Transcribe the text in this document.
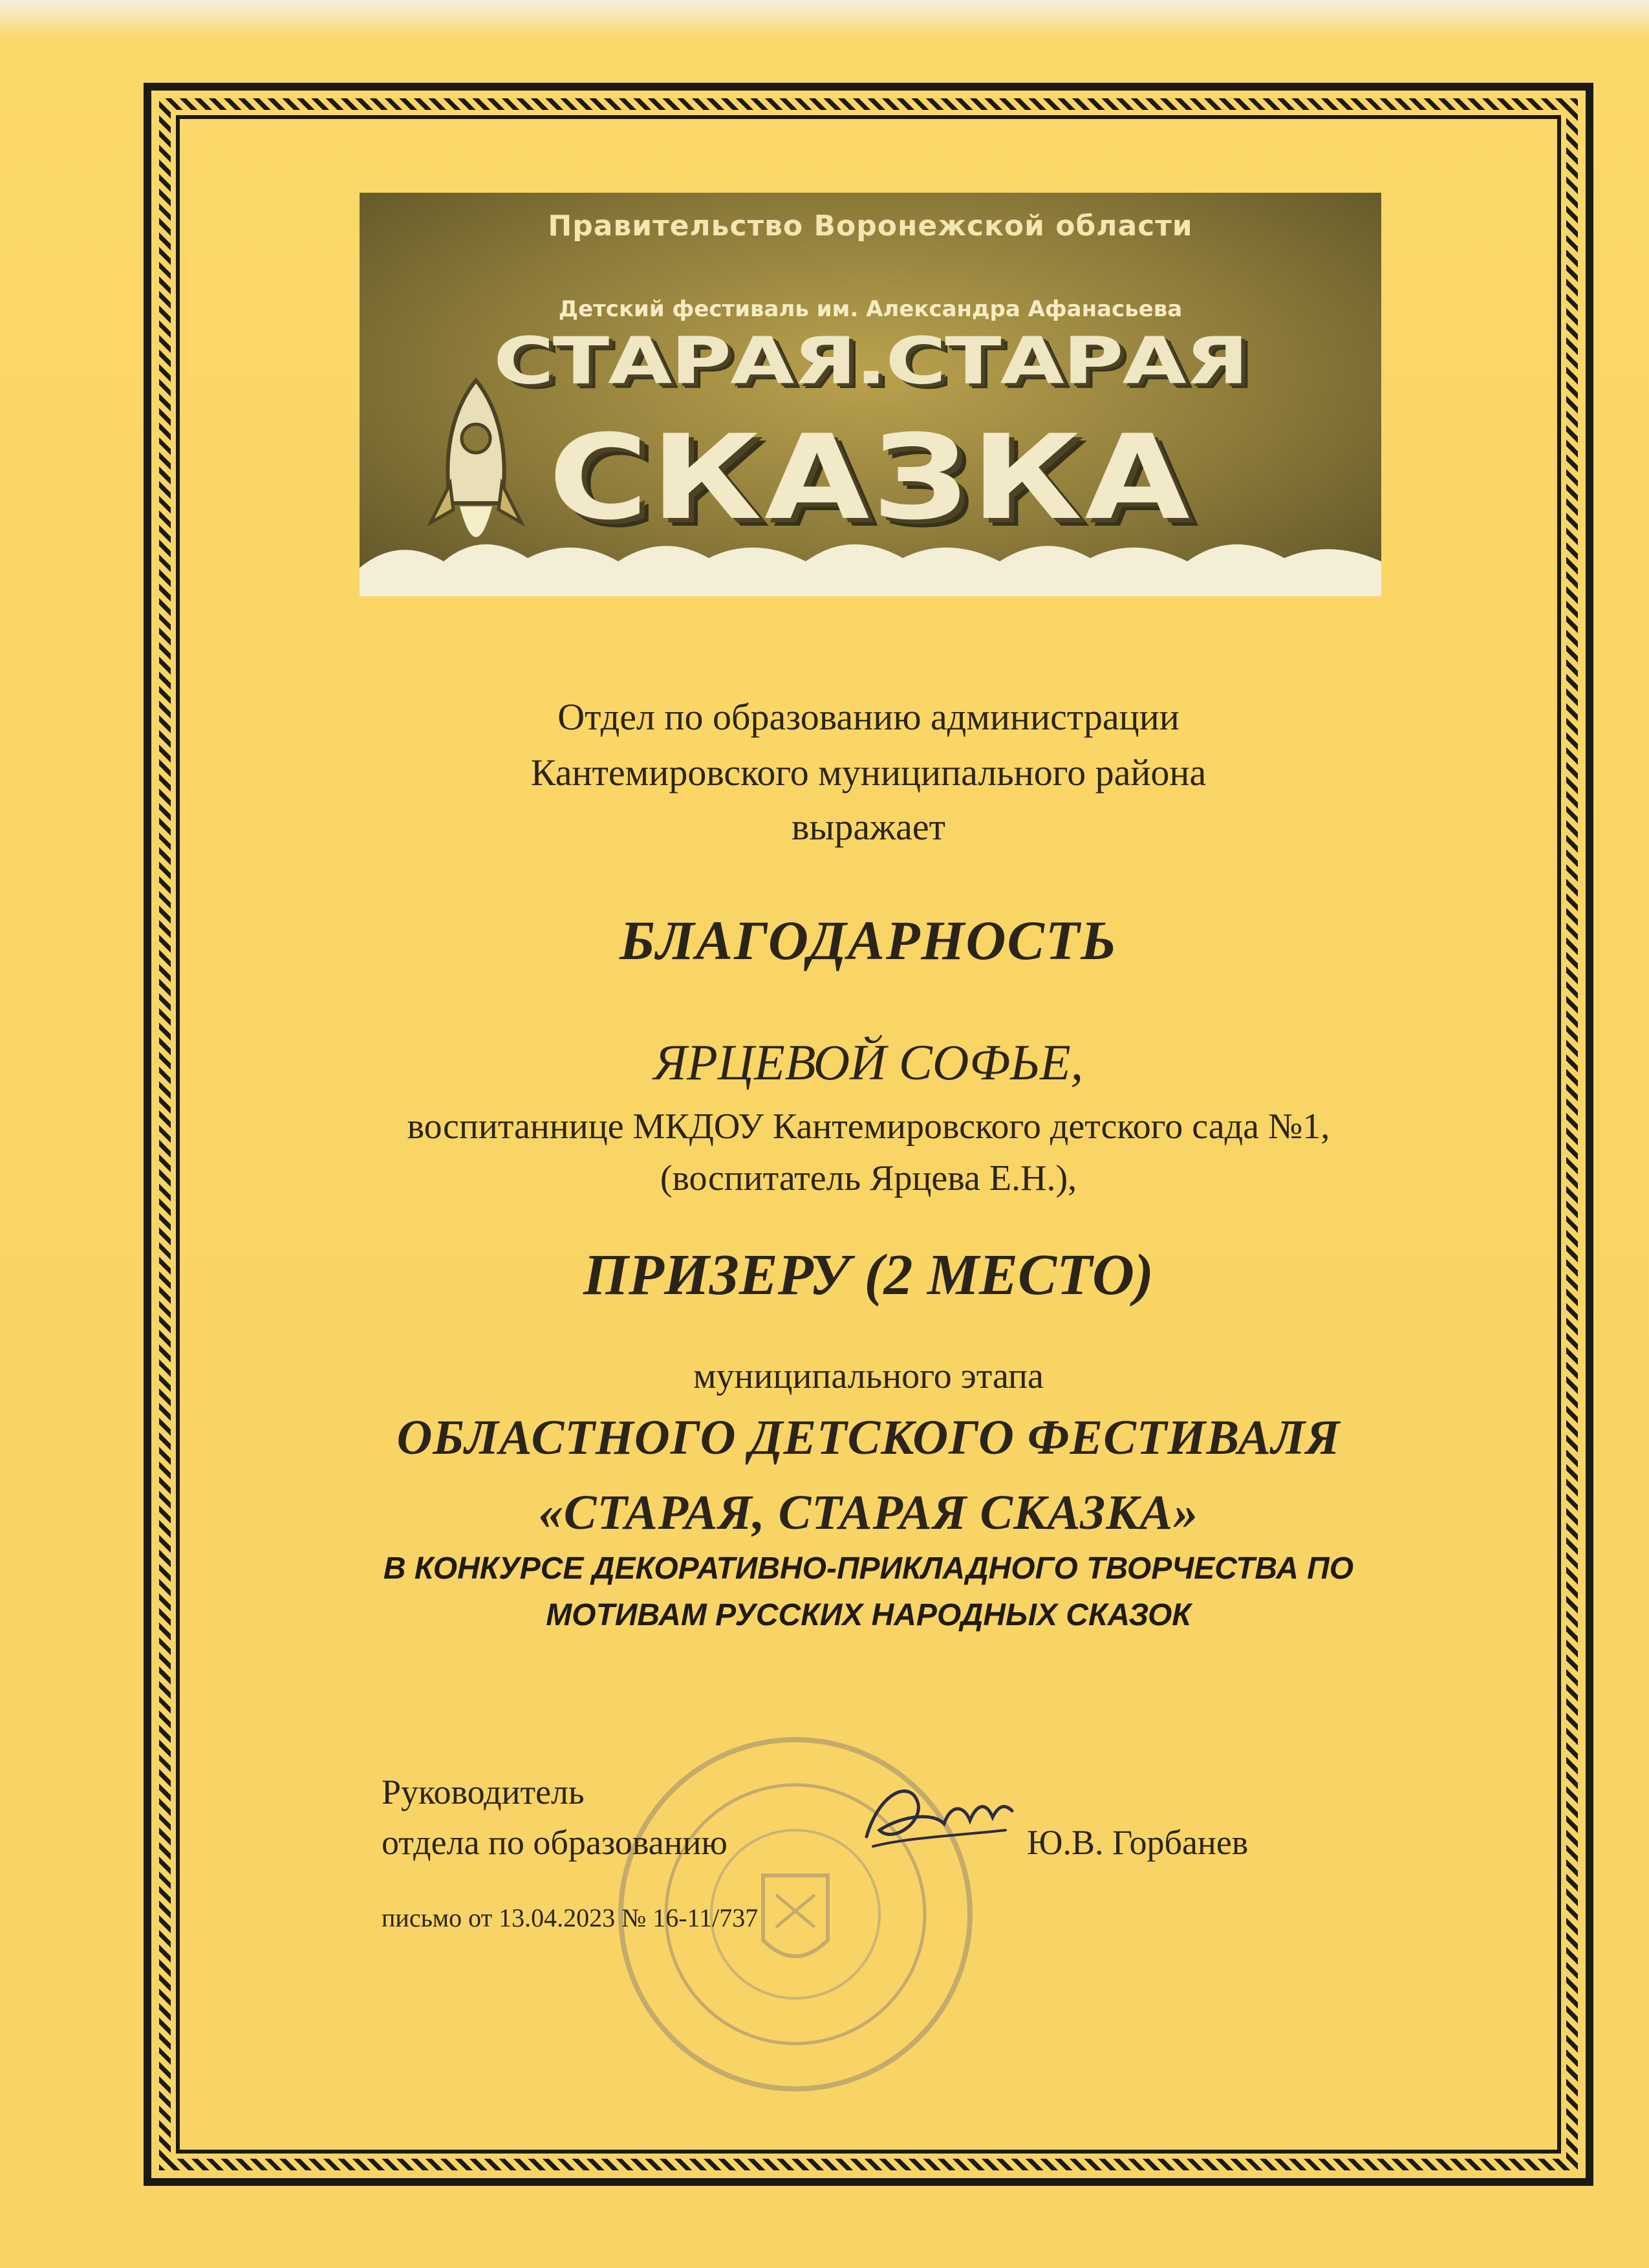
Правительство Воронежской области
Детский фестиваль им. Александра Афанасьева
СТАРАЯ.СТАРАЯ
СКАЗКА
Отдел по образованию администрации
Кантемировского муниципального района
выражает
БЛАГОДАРНОСТЬ
ЯРЦЕВОЙ СОФЬЕ,
воспитаннице МКДОУ Кантемировского детского сада №1,
(воспитатель Ярцева Е.Н.),
ПРИЗЕРУ (2 МЕСТО)
муниципального этапа
ОБЛАСТНОГО ДЕТСКОГО ФЕСТИВАЛЯ
«СТАРАЯ, СТАРАЯ СКАЗКА»
В КОНКУРСЕ ДЕКОРАТИВНО-ПРИКЛАДНОГО ТВОРЧЕСТВА ПО
МОТИВАМ РУССКИХ НАРОДНЫХ СКАЗОК
Руководитель
отдела по образованию	Ю.В. Горбанев
письмо от 13.04.2023 № 16-11/737
